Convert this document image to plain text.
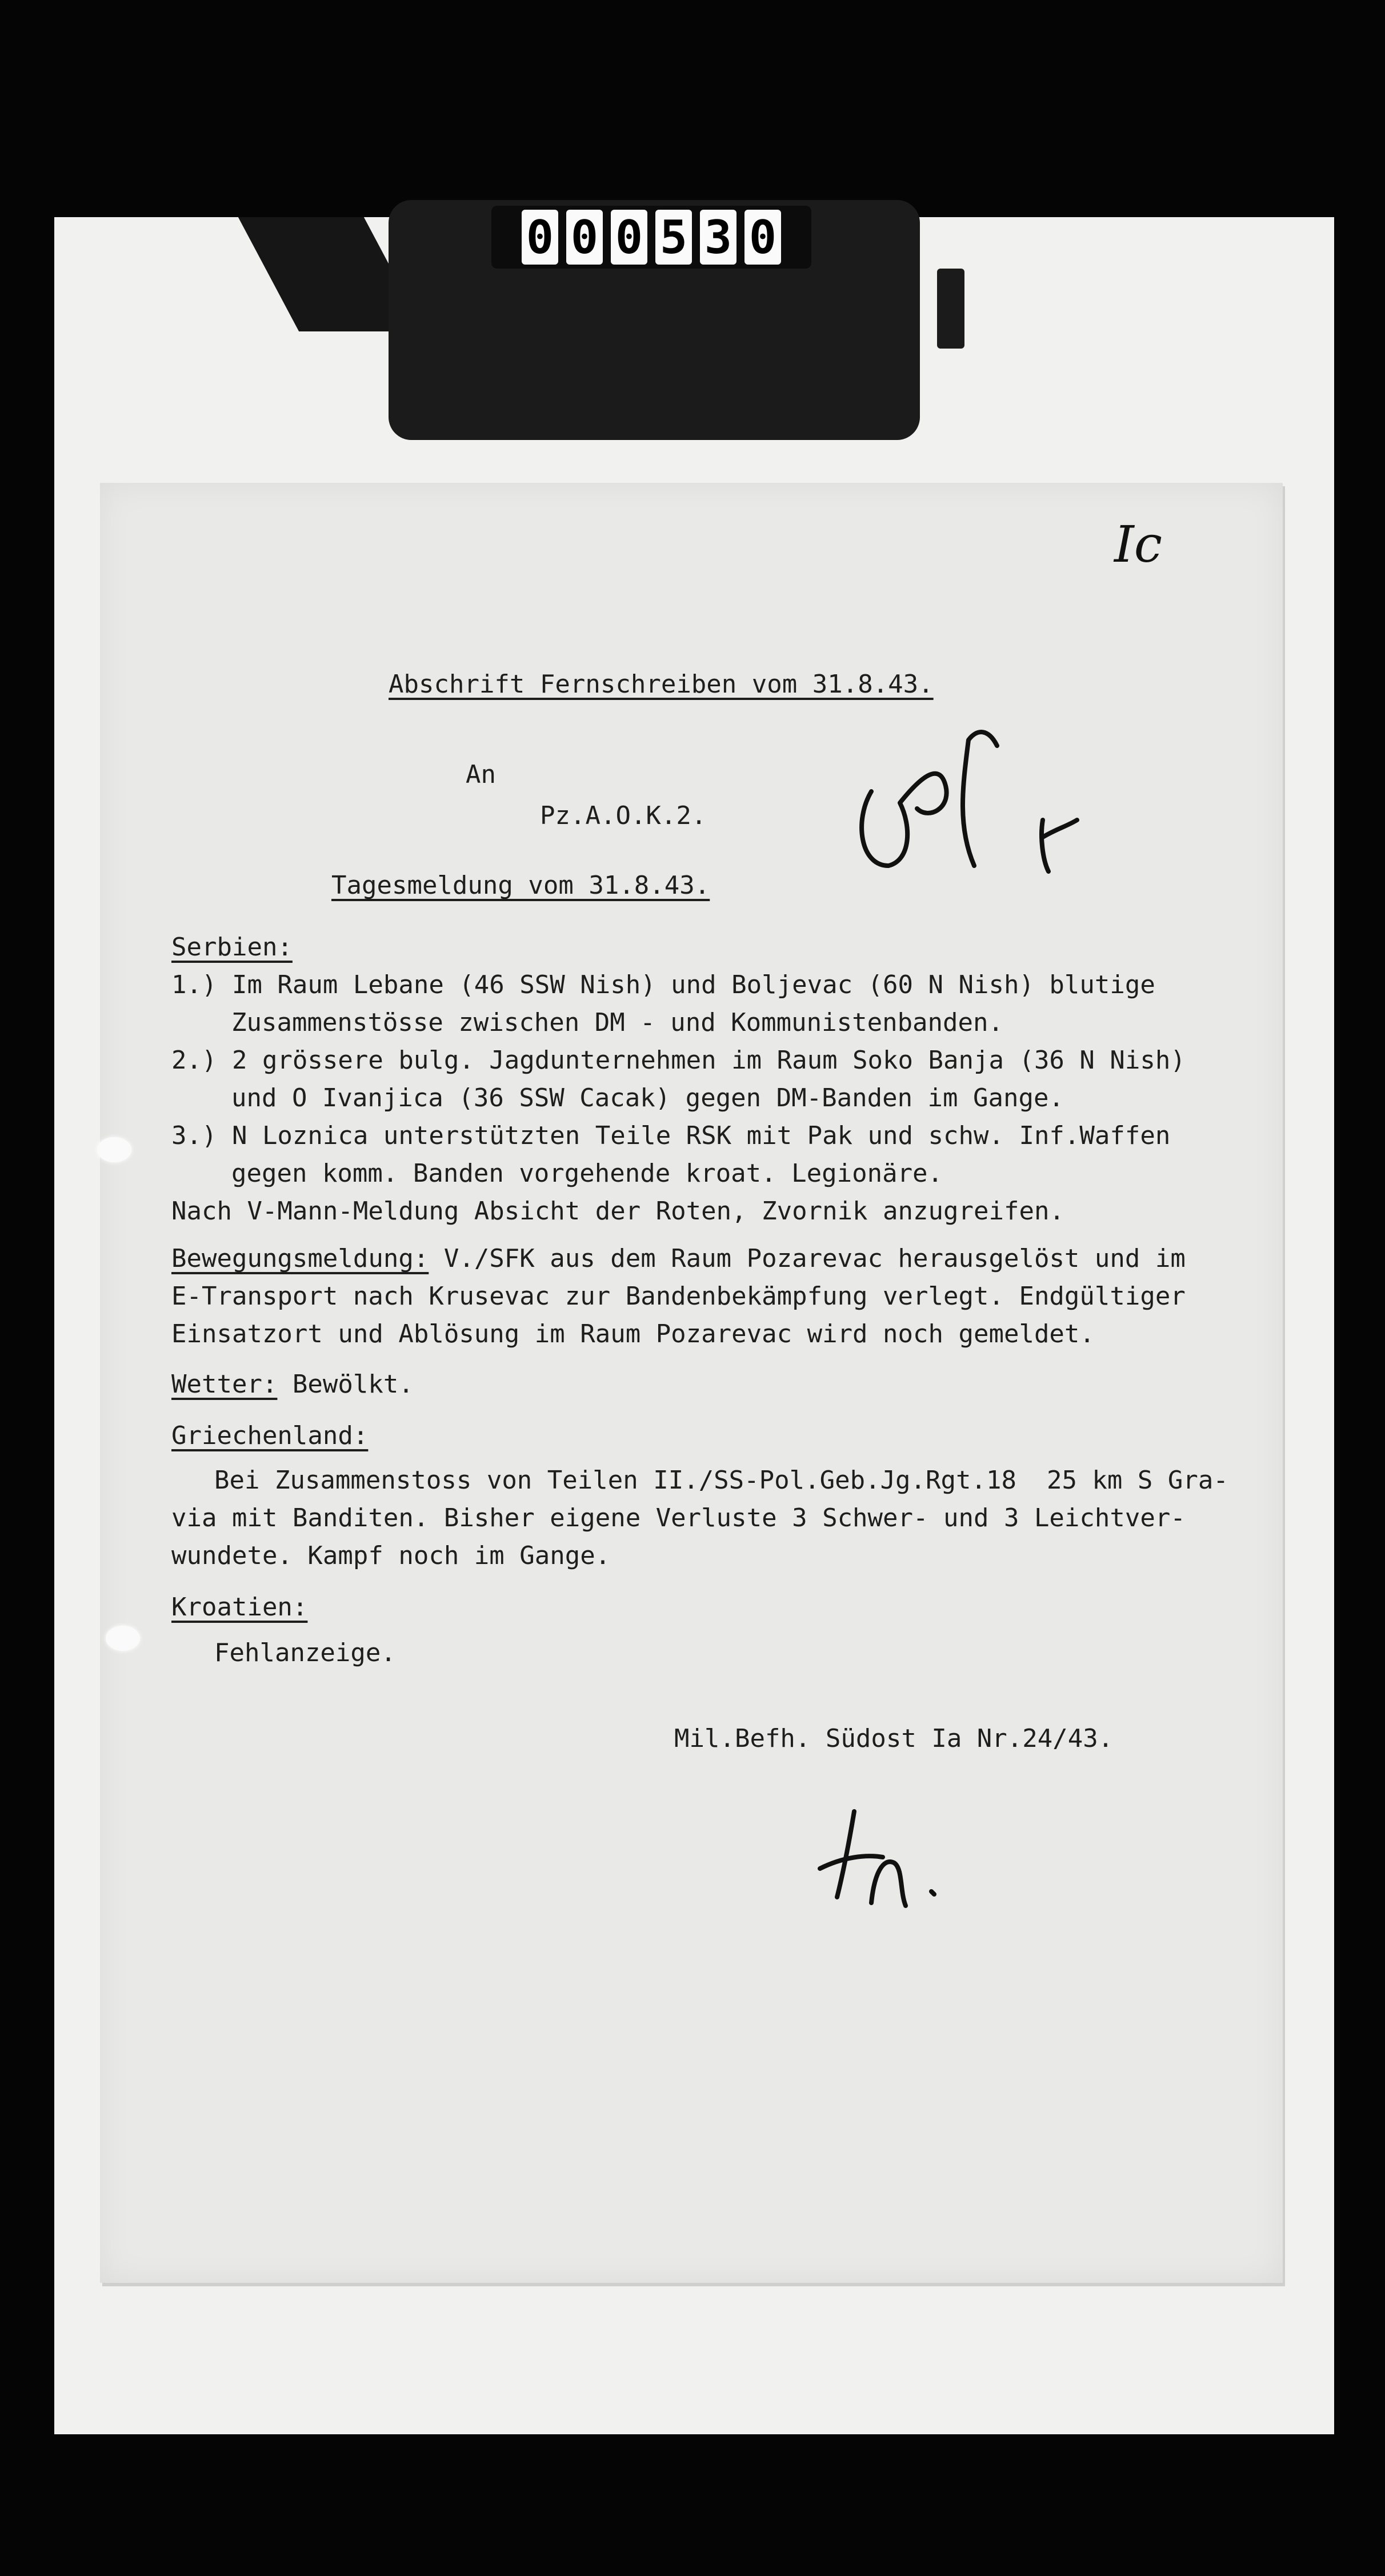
0 0 0 5 3 0
Ic
Abschrift Fernschreiben vom 31.8.43.
An
Pz.A.O.K.2.
Tagesmeldung vom 31.8.43.
Serbien:
1.) Im Raum Lebane (46 SSW Nish) und Boljevac (60 N Nish) blutige
Zusammenstösse zwischen DM - und Kommunistenbanden.
2.) 2 grössere bulg. Jagdunternehmen im Raum Soko Banja (36 N Nish)
und O Ivanjica (36 SSW Cacak) gegen DM-Banden im Gange.
3.) N Loznica unterstützten Teile RSK mit Pak und schw. Inf.Waffen
gegen komm. Banden vorgehende kroat. Legionäre.
Nach V-Mann-Meldung Absicht der Roten, Zvornik anzugreifen.
Bewegungsmeldung: V./SFK aus dem Raum Pozarevac herausgelöst und im
E-Transport nach Krusevac zur Bandenbekämpfung verlegt. Endgültiger
Einsatzort und Ablösung im Raum Pozarevac wird noch gemeldet.
Wetter: Bewölkt.
Griechenland:
Bei Zusammenstoss von Teilen II./SS-Pol.Geb.Jg.Rgt.18  25 km S Gra-
via mit Banditen. Bisher eigene Verluste 3 Schwer- und 3 Leichtver-
wundete. Kampf noch im Gange.
Kroatien:
Fehlanzeige.
Mil.Befh. Südost Ia Nr.24/43.
